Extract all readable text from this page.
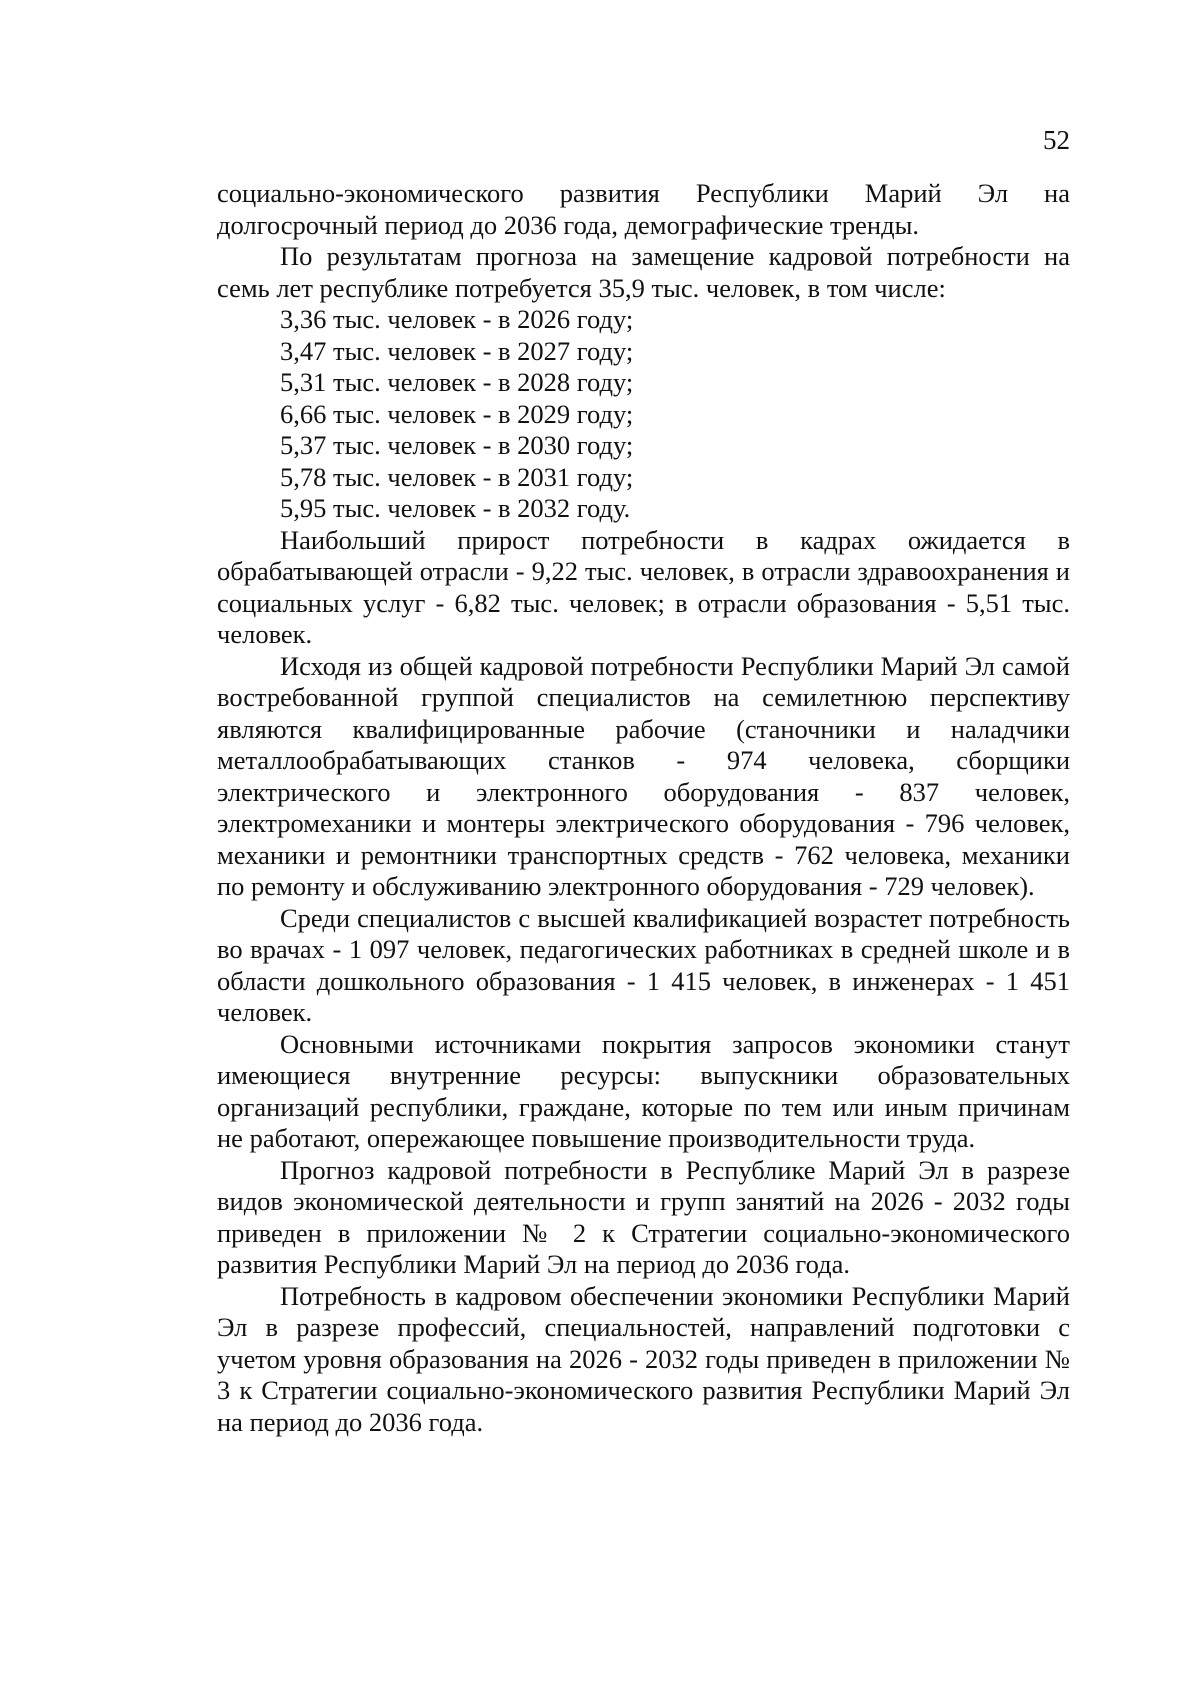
52

социально-экономического развития Республики Марий Эл на долгосрочный период до 2036 года, демографические тренды.

По результатам прогноза на замещение кадровой потребности на семь лет республике потребуется 35,9 тыс. человек, в том числе:

3,36 тыс. человек - в 2026 году;

3,47 тыс. человек - в 2027 году;

5,31 тыс. человек - в 2028 году;

6,66 тыс. человек - в 2029 году;

5,37 тыс. человек - в 2030 году;

5,78 тыс. человек - в 2031 году;

5,95 тыс. человек - в 2032 году.

Наибольший прирост потребности в кадрах ожидается в обрабатывающей отрасли - 9,22 тыс. человек, в отрасли здравоохранения и социальных услуг - 6,82 тыс. человек; в отрасли образования - 5,51 тыс. человек.

Исходя из общей кадровой потребности Республики Марий Эл самой востребованной группой специалистов на семилетнюю перспективу являются квалифицированные рабочие (станочники и наладчики металлообрабатывающих станков - 974 человека, сборщики электрического и электронного оборудования - 837 человек, электромеханики и монтеры электрического оборудования - 796 человек, механики и ремонтники транспортных средств - 762 человека, механики по ремонту и обслуживанию электронного оборудования - 729 человек).

Среди специалистов с высшей квалификацией возрастет потребность во врачах - 1 097 человек, педагогических работниках в средней школе и в области дошкольного образования - 1 415 человек, в инженерах - 1 451 человек.

Основными источниками покрытия запросов экономики станут имеющиеся внутренние ресурсы: выпускники образовательных организаций республики, граждане, которые по тем или иным причинам не работают, опережающее повышение производительности труда.

Прогноз кадровой потребности в Республике Марий Эл в разрезе видов экономической деятельности и групп занятий на 2026 - 2032 годы приведен в приложении № 2 к Стратегии социально-экономического развития Республики Марий Эл на период до 2036 года.

Потребность в кадровом обеспечении экономики Республики Марий Эл в разрезе профессий, специальностей, направлений подготовки с учетом уровня образования на 2026 - 2032 годы приведен в приложении № 3 к Стратегии социально-экономического развития Республики Марий Эл на период до 2036 года.
